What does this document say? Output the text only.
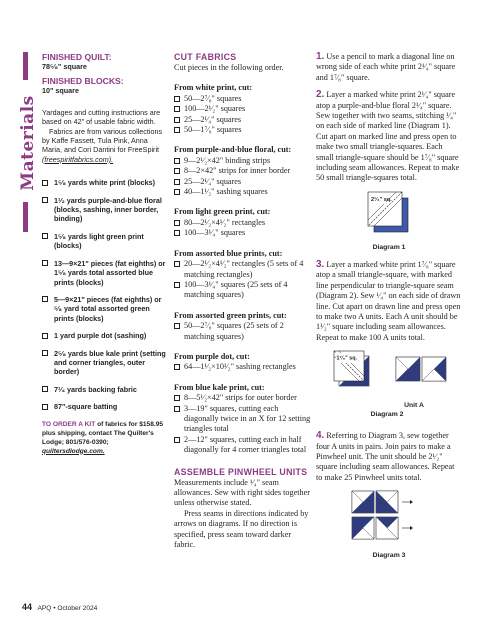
Materials
FINISHED QUILT:
78⁵⁄₈" square
FINISHED BLOCKS:
10" square

Yardages and cutting instructions are based on 42" of usable fabric width.

Fabrics are from various collections by Kaffe Fassett, Tula Pink, Anna Maria, and Cori Dantini for FreeSpirit (freespiritfabrics.com).

1⁵⁄₈ yards white print (blocks)
1¹⁄₂ yards purple-and-blue floral (blocks, sashing, inner border, binding)
1⁵⁄₈ yards light green print (blocks)
13—9×21" pieces (fat eighths) or 1⁵⁄₈ yards total assorted blue prints (blocks)
5—9×21" pieces (fat eighths) or ⁵⁄₈ yard total assorted green prints (blocks)
1 yard purple dot (sashing)
2⁵⁄₈ yards blue kale print (setting and corner triangles, outer border)
7¹⁄₄ yards backing fabric
87"-square batting

TO ORDER A KIT of fabrics for $158.95 plus shipping, contact The Quilter's Lodge; 801/576-0390; quiltersdlodge.com.

CUT FABRICS

Cut pieces in the following order.

From white print, cut:
50—2⁷⁄₈" squares
100—2¹⁄₂" squares
25—2¹⁄₄" squares
50—1⁷⁄₈" squares
From purple-and-blue floral, cut:
9—2¹⁄₂×42" binding strips
8—2×42" strips for inner border
25—2¹⁄₄" squares
40—1¹⁄₂" sashing squares
From light green print, cut:
80—2¹⁄₂×4¹⁄₂" rectangles
100—3¹⁄₄" squares
From assorted blue prints, cut:
20—2¹⁄₂×4¹⁄₂" rectangles (5 sets of 4 matching rectangles)
100—3¹⁄₄" squares (25 sets of 4 matching squares)
From assorted green prints, cut:
50—2⁷⁄₈" squares (25 sets of 2 matching squares)
From purple dot, cut:
64—1¹⁄₂×10¹⁄₂" sashing rectangles
From blue kale print, cut:
8—5¹⁄₂×42" strips for outer border
3—19" squares, cutting each diagonally twice in an X for 12 setting triangles total
2—12" squares, cutting each in half diagonally for 4 corner triangles total
ASSEMBLE PINWHEEL UNITS

Measurements include ¹⁄₄" seam allowances. Sew with right sides together unless otherwise stated.

Press seams in directions indicated by arrows on diagrams. If no direction is specified, press seam toward darker fabric.

1. Use a pencil to mark a diagonal line on wrong side of each white print 2¹⁄₄" square and 1⁷⁄₈" square.

2. Layer a marked white print 2¹⁄₄" square atop a purple-and-blue floral 2¹⁄₄" square. Sew together with two seams, stitching ¹⁄₄" on each side of marked line (Diagram 1). Cut apart on marked line and press open to make two small triangle-squares. Each small triangle-square should be 1⁷⁄₈" square including seam allowances. Repeat to make 50 small triangle-squares total.

2¹⁄₄" sq.
Diagram 1

3. Layer a marked white print 1⁷⁄₈" square atop a small triangle-square, with marked line perpendicular to triangle-square seam (Diagram 2). Sew ¹⁄₄" on each side of drawn line. Cut apart on drawn line and press open to make two A units. Each A unit should be 1¹⁄₂" square including seam allowances. Repeat to make 100 A units total.

1⁷⁄₈" sq.
Unit A
Diagram 2

4. Referring to Diagram 3, sew together four A units in pairs. Join pairs to make a Pinwheel unit. The unit should be 2¹⁄₂" square including seam allowances. Repeat to make 25 Pinwheel units total.

Diagram 3
44 APQ • October 2024
